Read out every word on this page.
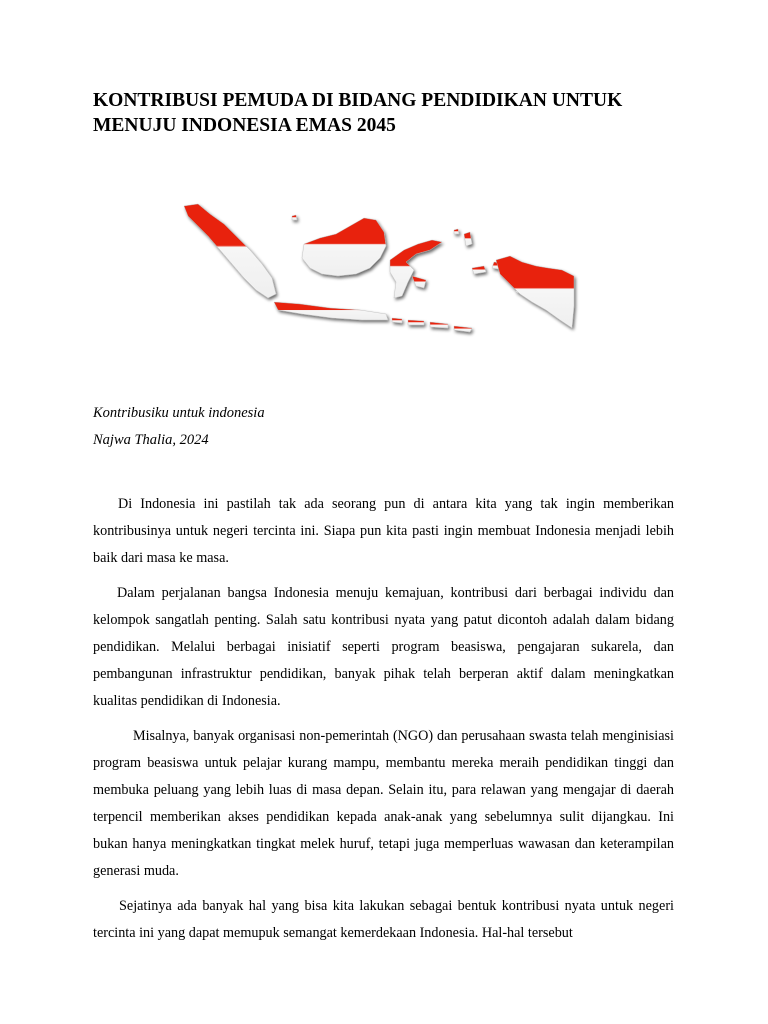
KONTRIBUSI PEMUDA DI BIDANG PENDIDIKAN UNTUK MENUJU INDONESIA EMAS 2045

Kontribusiku untuk indonesia

Najwa Thalia, 2024

Di Indonesia ini pastilah tak ada seorang pun di antara kita yang tak ingin memberikan kontribusinya untuk negeri tercinta ini. Siapa pun kita pasti ingin membuat Indonesia menjadi lebih baik dari masa ke masa.

Dalam perjalanan bangsa Indonesia menuju kemajuan, kontribusi dari berbagai individu dan kelompok sangatlah penting. Salah satu kontribusi nyata yang patut dicontoh adalah dalam bidang pendidikan. Melalui berbagai inisiatif seperti program beasiswa, pengajaran sukarela, dan pembangunan infrastruktur pendidikan, banyak pihak telah berperan aktif dalam meningkatkan kualitas pendidikan di Indonesia.

Misalnya, banyak organisasi non-pemerintah (NGO) dan perusahaan swasta telah menginisiasi program beasiswa untuk pelajar kurang mampu, membantu mereka meraih pendidikan tinggi dan membuka peluang yang lebih luas di masa depan. Selain itu, para relawan yang mengajar di daerah terpencil memberikan akses pendidikan kepada anak-anak yang sebelumnya sulit dijangkau. Ini bukan hanya meningkatkan tingkat melek huruf, tetapi juga memperluas wawasan dan keterampilan generasi muda.

Sejatinya ada banyak hal yang bisa kita lakukan sebagai bentuk kontribusi nyata untuk negeri tercinta ini yang dapat memupuk semangat kemerdekaan Indonesia. Hal-hal tersebut
